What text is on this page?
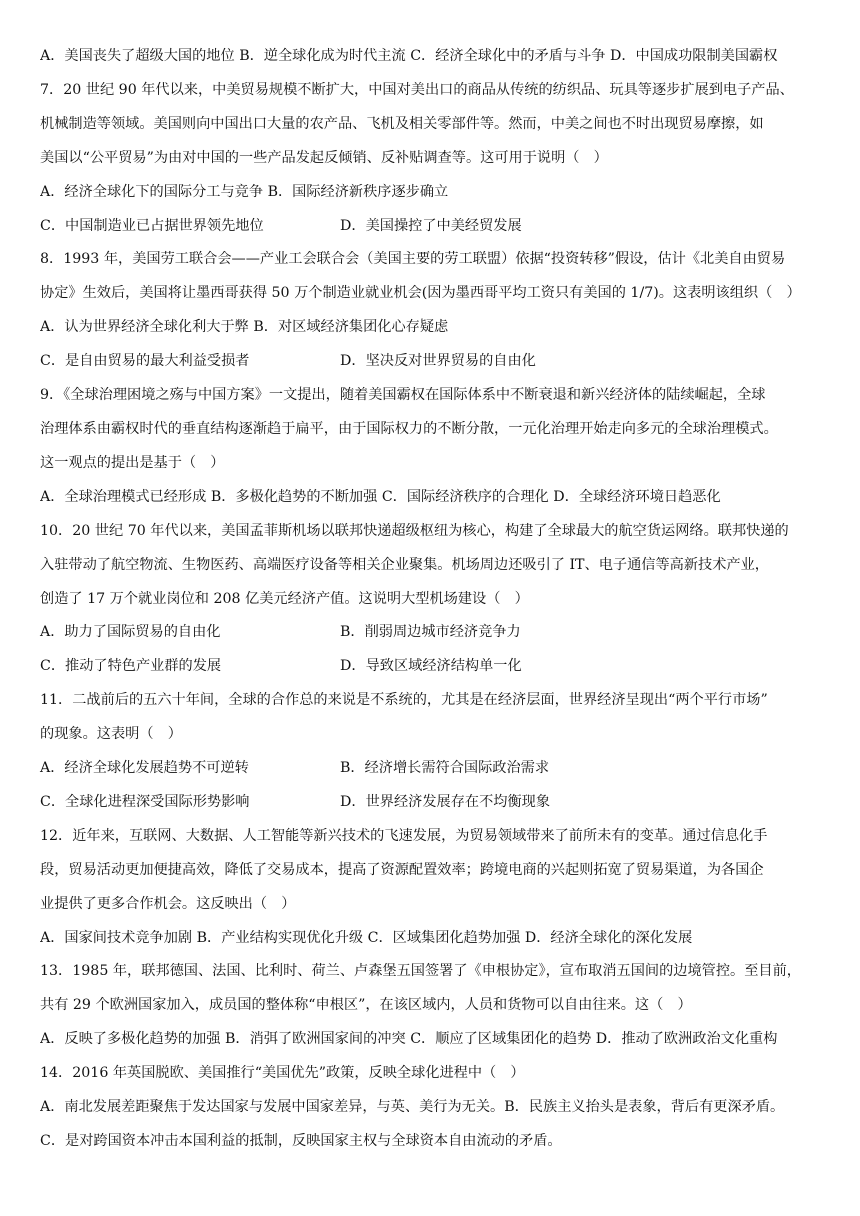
A．美国丧失了超级大国的地位 B．逆全球化成为时代主流 C．经济全球化中的矛盾与斗争 D．中国成功限制美国霸权
7．20 世纪 90 年代以来，中美贸易规模不断扩大，中国对美出口的商品从传统的纺织品、玩具等逐步扩展到电子产品、
机械制造等领域。美国则向中国出口大量的农产品、飞机及相关零部件等。然而，中美之间也不时出现贸易摩擦，如
美国以“公平贸易”为由对中国的一些产品发起反倾销、反补贴调查等。这可用于说明（　）
A．经济全球化下的国际分工与竞争 B．国际经济新秩序逐步确立
C．中国制造业已占据世界领先地位	D．美国操控了中美经贸发展
8．1993 年，美国劳工联合会——产业工会联合会（美国主要的劳工联盟）依据“投资转移”假设，估计《北美自由贸易
协定》生效后，美国将让墨西哥获得 50 万个制造业就业机会(因为墨西哥平均工资只有美国的 1/7)。这表明该组织（　）
A．认为世界经济全球化利大于弊 B．对区域经济集团化心存疑虑
C．是自由贸易的最大利益受损者	D．坚决反对世界贸易的自由化
9．《全球治理困境之殇与中国方案》一文提出，随着美国霸权在国际体系中不断衰退和新兴经济体的陆续崛起，全球
治理体系由霸权时代的垂直结构逐渐趋于扁平，由于国际权力的不断分散，一元化治理开始走向多元的全球治理模式。
这一观点的提出是基于（　）
A．全球治理模式已经形成 B．多极化趋势的不断加强 C．国际经济秩序的合理化 D．全球经济环境日趋恶化
10．20 世纪 70 年代以来，美国孟菲斯机场以联邦快递超级枢纽为核心，构建了全球最大的航空货运网络。联邦快递的
入驻带动了航空物流、生物医药、高端医疗设备等相关企业聚集。机场周边还吸引了 IT、电子通信等高新技术产业，
创造了 17 万个就业岗位和 208 亿美元经济产值。这说明大型机场建设（　）
A．助力了国际贸易的自由化	B．削弱周边城市经济竞争力
C．推动了特色产业群的发展	D．导致区域经济结构单一化
11．二战前后的五六十年间，全球的合作总的来说是不系统的，尤其是在经济层面，世界经济呈现出“两个平行市场”
的现象。这表明（　）
A．经济全球化发展趋势不可逆转	B．经济增长需符合国际政治需求
C．全球化进程深受国际形势影响	D．世界经济发展存在不均衡现象
12．近年来，互联网、大数据、人工智能等新兴技术的飞速发展，为贸易领域带来了前所未有的变革。通过信息化手
段，贸易活动更加便捷高效，降低了交易成本，提高了资源配置效率；跨境电商的兴起则拓宽了贸易渠道，为各国企
业提供了更多合作机会。这反映出（　）
A．国家间技术竞争加剧 B．产业结构实现优化升级 C．区域集团化趋势加强 D．经济全球化的深化发展
13．1985 年，联邦德国、法国、比利时、荷兰、卢森堡五国签署了《申根协定》，宣布取消五国间的边境管控。至目前，
共有 29 个欧洲国家加入，成员国的整体称“申根区”，在该区域内，人员和货物可以自由往来。这（　）
A．反映了多极化趋势的加强 B．消弭了欧洲国家间的冲突 C．顺应了区域集团化的趋势 D．推动了欧洲政治文化重构
14．2016 年英国脱欧、美国推行“美国优先”政策，反映全球化进程中（　）
A．南北发展差距聚焦于发达国家与发展中国家差异，与英、美行为无关。B．民族主义抬头是表象，背后有更深矛盾。
C．是对跨国资本冲击本国利益的抵制，反映国家主权与全球资本自由流动的矛盾。
